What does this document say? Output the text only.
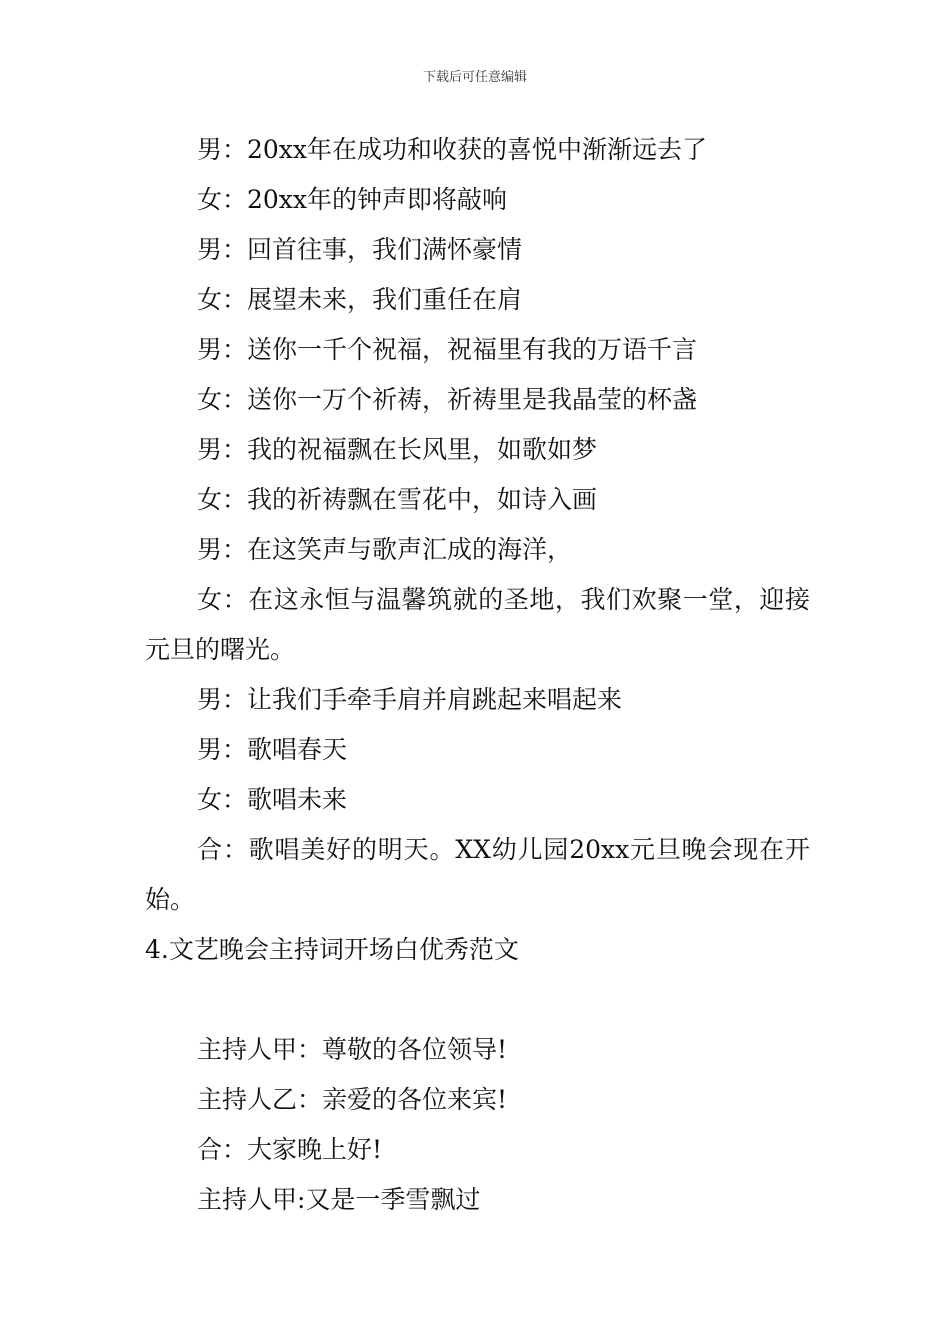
下载后可任意编辑
男：20xx年在成功和收获的喜悦中渐渐远去了
女：20xx年的钟声即将敲响
男：回首往事，我们满怀豪情
女：展望未来，我们重任在肩
男：送你一千个祝福，祝福里有我的万语千言
女：送你一万个祈祷，祈祷里是我晶莹的杯盏
男：我的祝福飘在长风里，如歌如梦
女：我的祈祷飘在雪花中，如诗入画
男：在这笑声与歌声汇成的海洋，
女：在这永恒与温馨筑就的圣地，我们欢聚一堂，迎接元旦的曙光。
男：让我们手牵手肩并肩跳起来唱起来
男：歌唱春天
女：歌唱未来
合：歌唱美好的明天。XX幼儿园20xx元旦晚会现在开始。
4.文艺晚会主持词开场白优秀范文
主持人甲：尊敬的各位领导!
主持人乙：亲爱的各位来宾!
合：大家晚上好!
主持人甲:又是一季雪飘过
